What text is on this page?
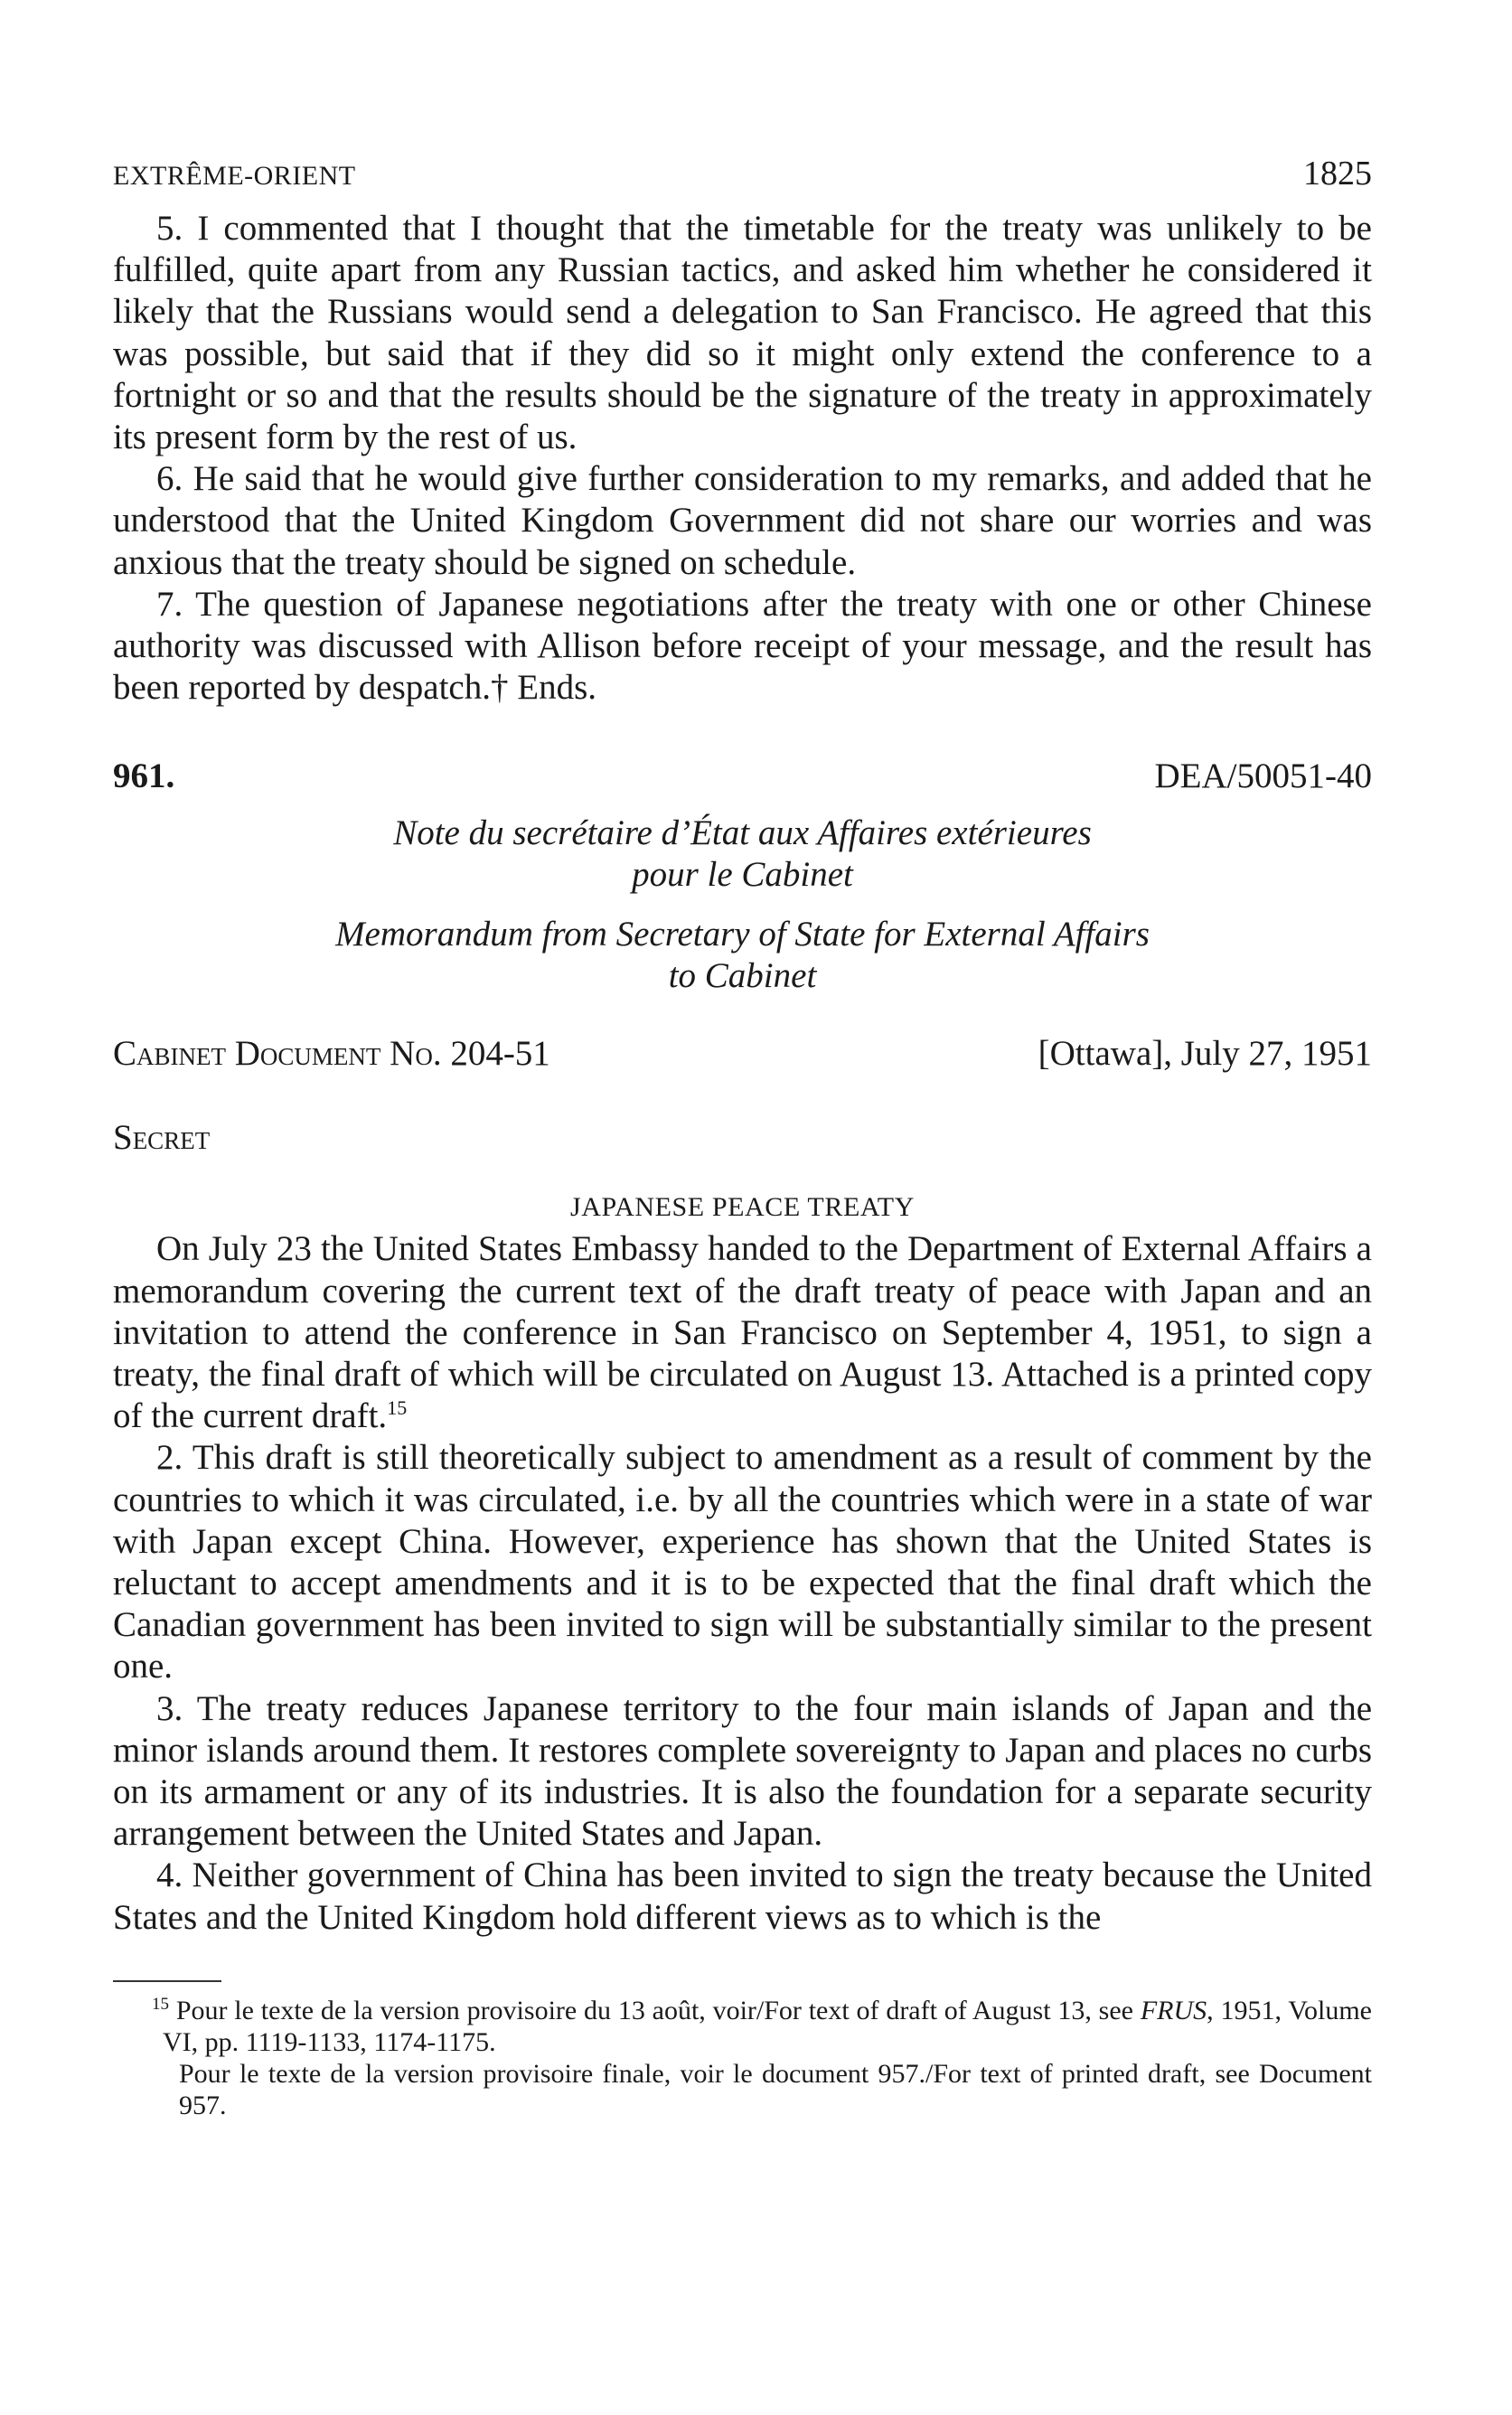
EXTRÊME-ORIENT	1825

5. I commented that I thought that the timetable for the treaty was unlikely to be fulfilled, quite apart from any Russian tactics, and asked him whether he considered it likely that the Russians would send a delegation to San Francisco. He agreed that this was possible, but said that if they did so it might only extend the conference to a fortnight or so and that the results should be the signature of the treaty in approximately its present form by the rest of us.

6. He said that he would give further consideration to my remarks, and added that he understood that the United Kingdom Government did not share our worries and was anxious that the treaty should be signed on schedule.

7. The question of Japanese negotiations after the treaty with one or other Chinese authority was discussed with Allison before receipt of your message, and the result has been reported by despatch.† Ends.

961.	DEA/50051-40
Note du secrétaire d’État aux Affaires extérieures
pour le Cabinet
Memorandum from Secretary of State for External Affairs
to Cabinet
Cabinet Document No. 204-51	[Ottawa], July 27, 1951
Secret
JAPANESE PEACE TREATY

On July 23 the United States Embassy handed to the Department of External Affairs a memorandum covering the current text of the draft treaty of peace with Japan and an invitation to attend the conference in San Francisco on September 4, 1951, to sign a treaty, the final draft of which will be circulated on August 13. Attached is a printed copy of the current draft.$^{15}$

2. This draft is still theoretically subject to amendment as a result of comment by the countries to which it was circulated, i.e. by all the countries which were in a state of war with Japan except China. However, experience has shown that the United States is reluctant to accept amendments and it is to be expected that the final draft which the Canadian government has been invited to sign will be substantially similar to the present one.

3. The treaty reduces Japanese territory to the four main islands of Japan and the minor islands around them. It restores complete sovereignty to Japan and places no curbs on its armament or any of its industries. It is also the foundation for a separate security arrangement between the United States and Japan.

4. Neither government of China has been invited to sign the treaty because the United States and the United Kingdom hold different views as to which is the

$^{15}$ Pour le texte de la version provisoire du 13 août, voir/For text of draft of August 13, see FRUS, 1951, Volume VI, pp. 1119-1133, 1174-1175.

Pour le texte de la version provisoire finale, voir le document 957./For text of printed draft, see Document 957.
